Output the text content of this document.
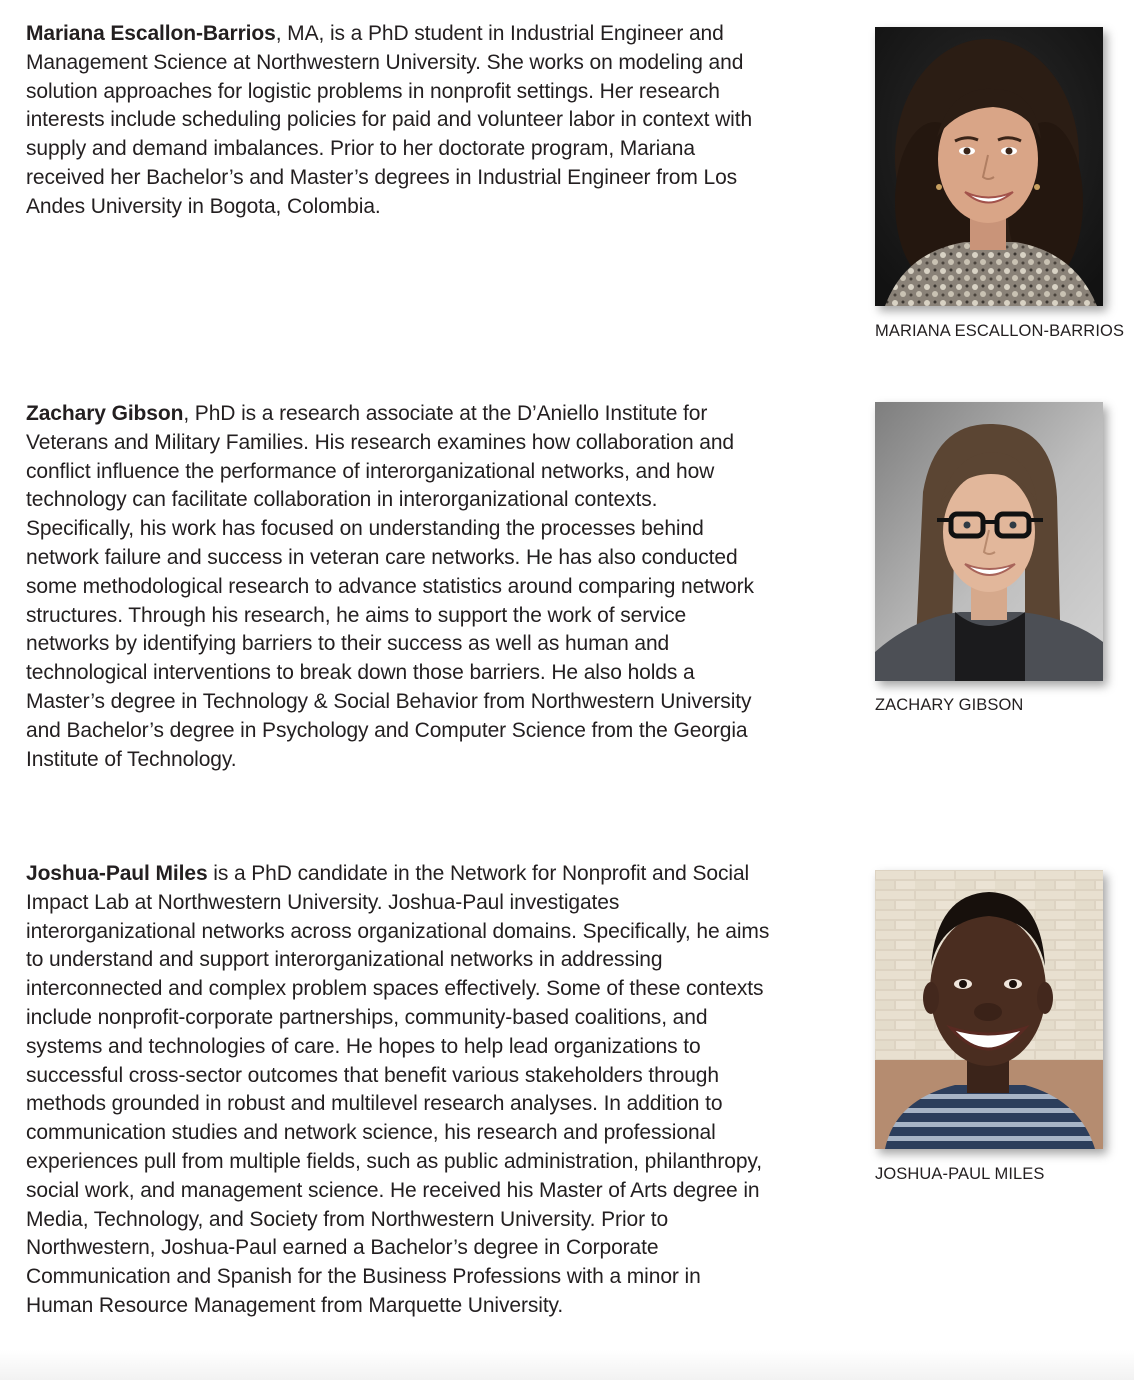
Mariana Escallon-Barrios, MA, is a PhD student in Industrial Engineer and Management Science at Northwestern University. She works on modeling and solution approaches for logistic problems in nonprofit settings. Her research interests include scheduling policies for paid and volunteer labor in context with supply and demand imbalances. Prior to her doctorate program, Mariana received her Bachelor’s and Master’s degrees in Industrial Engineer from Los Andes University in Bogota, Colombia.

MARIANA ESCALLON-BARRIOS

Zachary Gibson, PhD is a research associate at the D’Aniello Institute for Veterans and Military Families. His research examines how collaboration and conflict influence the performance of interorganizational networks, and how technology can facilitate collaboration in interorganizational contexts. Specifically, his work has focused on understanding the processes behind network failure and success in veteran care networks. He has also conducted some methodological research to advance statistics around comparing network structures. Through his research, he aims to support the work of service networks by identifying barriers to their success as well as human and technological interventions to break down those barriers. He also holds a Master’s degree in Technology & Social Behavior from Northwestern University and Bachelor’s degree in Psychology and Computer Science from the Georgia Institute of Technology.

ZACHARY GIBSON

Joshua-Paul Miles is a PhD candidate in the Network for Nonprofit and Social Impact Lab at Northwestern University. Joshua-Paul investigates interorganizational networks across organizational domains. Specifically, he aims to understand and support interorganizational networks in addressing interconnected and complex problem spaces effectively. Some of these contexts include nonprofit-corporate partnerships, community-based coalitions, and systems and technologies of care. He hopes to help lead organizations to successful cross-sector outcomes that benefit various stakeholders through methods grounded in robust and multilevel research analyses. In addition to communication studies and network science, his research and professional experiences pull from multiple fields, such as public administration, philanthropy, social work, and management science. He received his Master of Arts degree in Media, Technology, and Society from Northwestern University. Prior to Northwestern, Joshua-Paul earned a Bachelor’s degree in Corporate Communication and Spanish for the Business Professions with a minor in Human Resource Management from Marquette University.

JOSHUA-PAUL MILES
